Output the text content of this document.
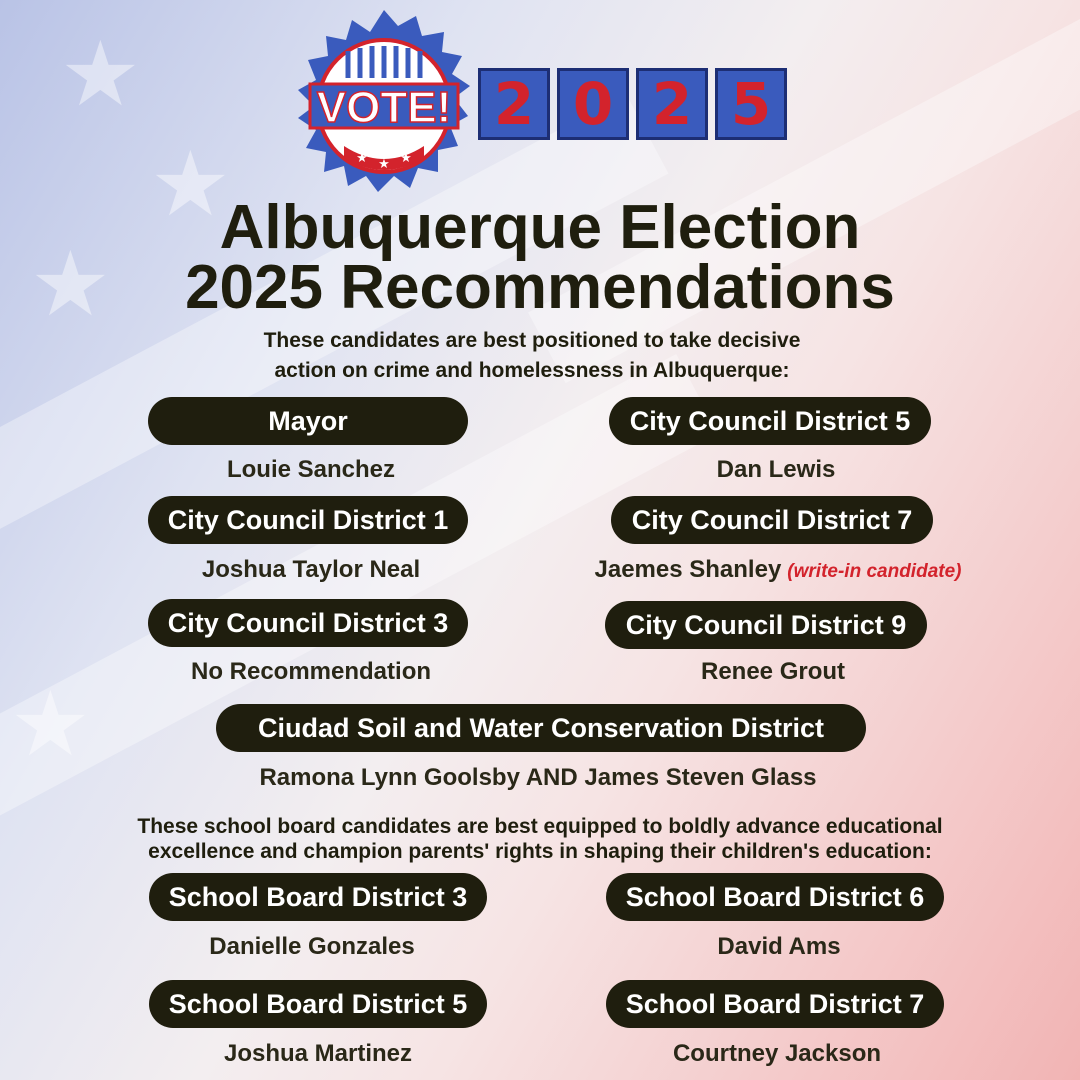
★
★
★
★
★ ★ ★
VOTE! 2 0 2 5
Albuquerque Election
2025 Recommendations
These candidates are best positioned to take decisive
action on crime and homelessness in Albuquerque:
Mayor
Louie Sanchez
City Council District 5
Dan Lewis
City Council District 1
Joshua Taylor Neal
City Council District 7
Jaemes Shanley (write-in candidate)
City Council District 3
No Recommendation
City Council District 9
Renee Grout
Ciudad Soil and Water Conservation District
Ramona Lynn Goolsby AND James Steven Glass
These school board candidates are best equipped to boldly advance educational
excellence and champion parents' rights in shaping their children's education:
School Board District 3
Danielle Gonzales
School Board District 6
David Ams
School Board District 5
Joshua Martinez
School Board District 7
Courtney Jackson
